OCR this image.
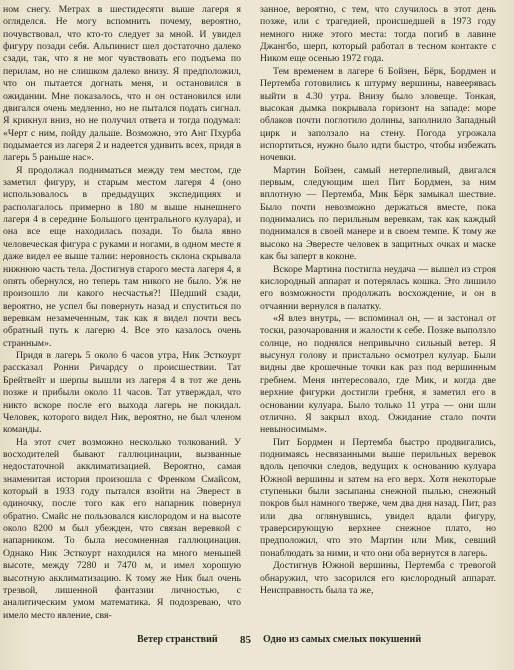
ном снегу. Метрах в шестидесяти выше лагеря я огляделся. Не могу вспомнить почему, вероятно, почувствовал, что кто-то следует за мной. И увидел фигуру позади себя. Альпинист шел достаточно далеко сзади, так, что я не мог чувствовать его подъема по перилам, но не слишком далеко внизу. Я предположил, что он пытается догнать меня, и остановился в ожидании. Мне показалось, что и он остановился или двигался очень медленно, но не пытался подать сигнал. Я крикнул вниз, но не получил ответа и тогда подумал: «Черт с ним, пойду дальше. Возможно, это Анг Пхурба подымается из лагеря 2 и надеется удивить всех, придя в лагерь 5 раньше нас».

Я продолжал подниматься между тем местом, где заметил фигуру, и старым местом лагеря 4 (оно использовалось в предыдущих экспедициях и располагалось примерно в 180 м выше нынешнего лагеря 4 в середине Большого центрального кулуара), и она все еще находилась позади. То была явно человеческая фигура с руками и ногами, в одном месте я даже видел ее выше талии: неровность склона скрывала нижнюю часть тела. Достигнув старого места лагеря 4, я опять обернулся, но теперь там никого не было. Уж не произошло ли какого несчастья?! Шедший сзади, вероятно, не успел бы повернуть назад и спуститься по веревкам незамеченным, так как я видел почти весь обратный путь к лагерю 4. Все это казалось очень странным».

Придя в лагерь 5 около 6 часов утра, Ник Эсткоурт рассказал Ронни Ричардсу о происшествии. Тат Брейтвейт и шерпы вышли из лагеря 4 в тот же день позже и прибыли около 11 часов. Тат утверждал, что никто вскоре после его выхода лагерь не покидал. Человек, которого видел Ник, вероятно, не был членом команды.

На этот счет возможно несколько толкований. У восходителей бывают галлюцинации, вызванные недостаточной акклиматизацией. Вероятно, самая знаменитая история произошла с Френком Смайсом, который в 1933 году пытался взойти на Эверест в одиночку, после того как его напарник повернул обратно. Смайс не пользовался кислородом и на высоте около 8200 м был убежден, что связан веревкой с напарником. То была несомненная галлюцинация. Однако Ник Эсткоурт находился на много меньшей высоте, между 7280 и 7470 м, и имел хорошую высотную акклиматизацию. К тому же Ник был очень трезвой, лишенной фантазии личностью, с аналитическим умом математика. Я подозреваю, что имело место явление, свя-

занное, вероятно, с тем, что случилось в этот день позже, или с трагедией, происшедшей в 1973 году немного ниже этого места: тогда погиб в лавине Джангбо, шерп, который работал в тесном контакте с Ником еще осенью 1972 года.

Тем временем в лагере 6 Бойзен, Бёрк, Бордмен и Пертемба готовились к штурму вершины, навеерявась выйти в 4.30 утра. Внизу было зловеще. Тонкая, высокая дымка покрывала горизонт на западе: море облаков почти поглотило долины, заполнило Западный цирк и заползало на стену. Погода угрожала испортиться, нужно было идти быстро, чтобы избежать ночевки.

Мартин Бойзен, самый нетерпеливый, двигался первым, следующим шел Пит Бордмен, за ним вплотную — Пертемба, Мик Бёрк замыкал шествие. Было почти невозможно держаться вместе, пока поднимались по перильным веревкам, так как каждый поднимался в своей манере и в своем темпе. К тому же высоко на Эвересте человек в защитных очках и маске как бы заперт в коконе.

Вскоре Мартина постигла неудача — вышел из строя кислородный аппарат и потерялась кошка. Это лишило его возможности продолжать восхождение, и он в отчаянии вернулся в палатку.

«Я влез внутрь, — вспоминал он, — и застонал от тоски, разочарования и жалости к себе. Позже выползло солнце, но поднялся непривычно сильный ветер. Я высунул голову и пристально осмотрел кулуар. Были видны две крошечные точки как раз под вершинным гребнем. Меня интересовало, где Мик, и когда две верхние фигурки достигли гребня, я заметил его в основании кулуара. Было только 11 утра — они шли отлично. Я закрыл вход. Ожидание стало почти невыносимым».

Пит Бордмен и Пертемба быстро продвигались, поднимаясь несвязанными выше перильных веревок вдоль цепочки следов, ведущих к основанию кулуара Южной вершины и затем на его верх. Хотя некоторые ступеньки были засыпаны снежной пылью, снежный покров был намного тверже, чем два дня назад. Пит, раз или два оглянувшись, увидел вдали фигуру, траверсирующую верхнее снежное плато, но предположил, что это Мартин или Мик, севший понаблюдать за ними, и что они оба вернутся в лагерь.

Достигнув Южной вершины, Пертемба с тревогой обнаружил, что засорился его кислородный аппарат. Неисправность была та же,

Ветер странствий 85 Одно из самых смелых покушений
